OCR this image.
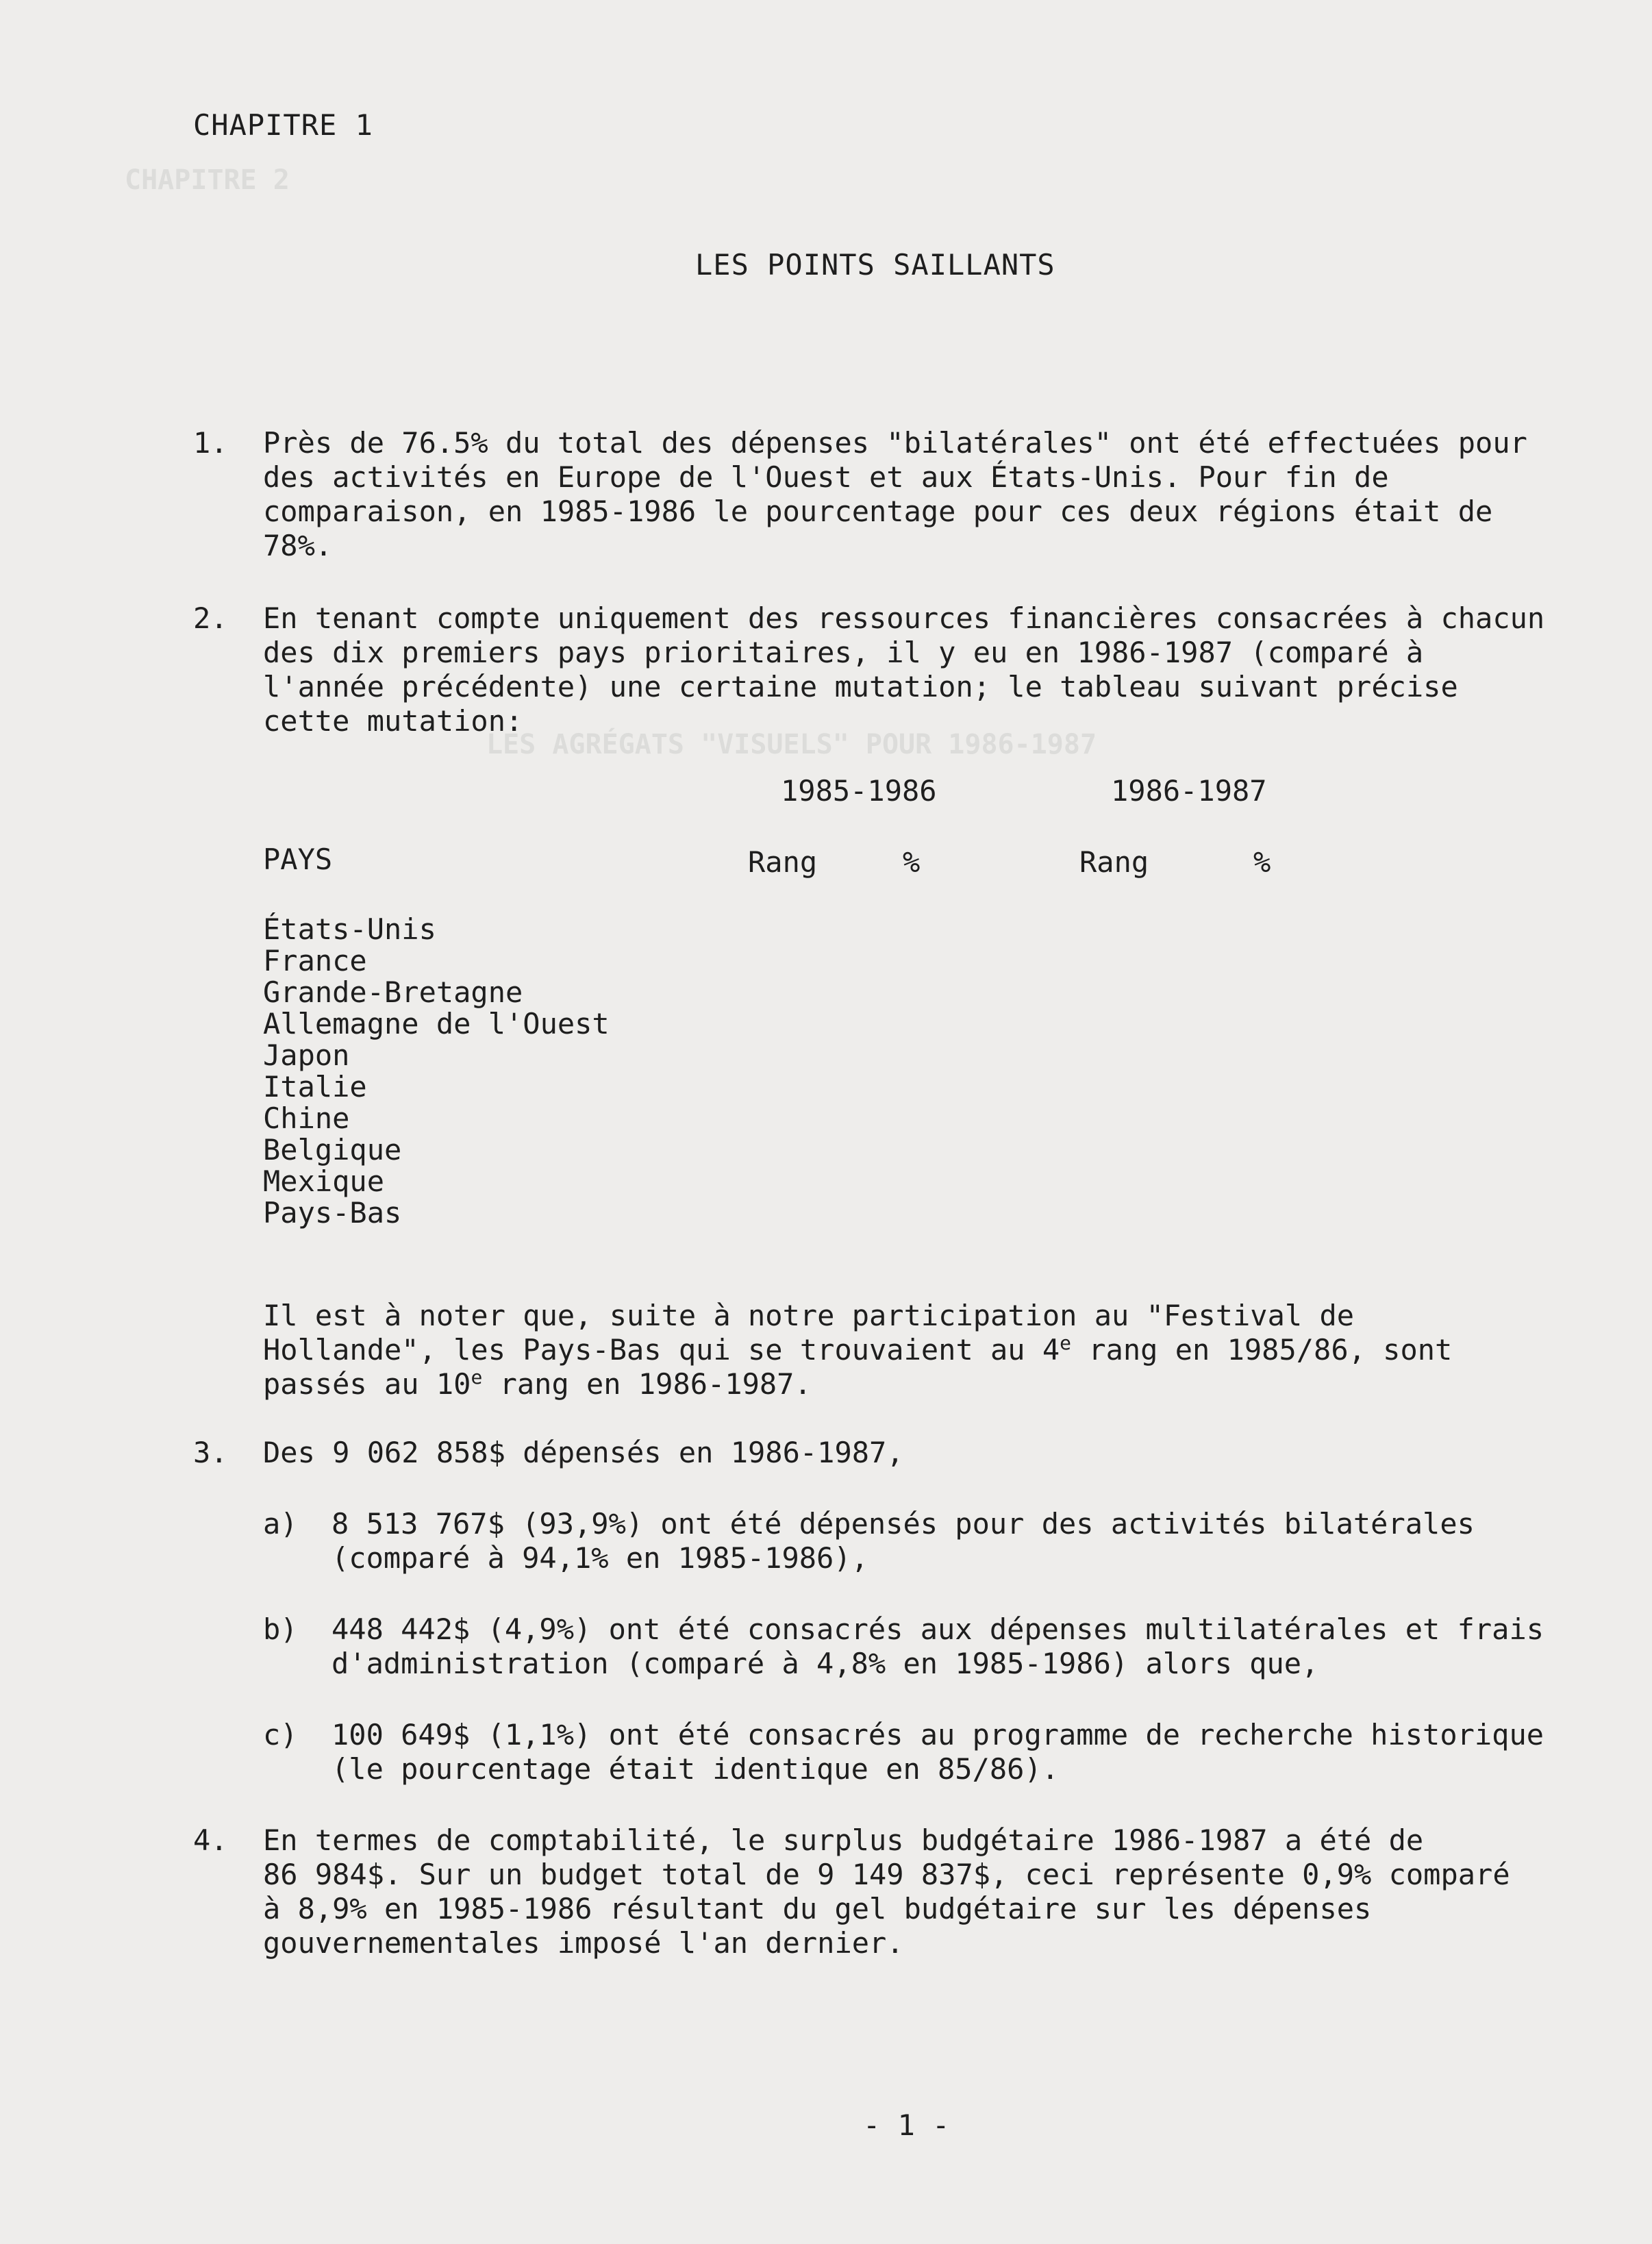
CHAPITRE 2
LES AGRÉGATS "VISUELS" POUR 1986-1987
CHAPITRE 1
LES POINTS SAILLANTS
1. Près de 76.5% du total des dépenses "bilatérales" ont été effectuées pour
des activités en Europe de l'Ouest et aux États-Unis. Pour fin de
comparaison, en 1985-1986 le pourcentage pour ces deux régions était de
78%.
2. En tenant compte uniquement des ressources financières consacrées à chacun
des dix premiers pays prioritaires, il y eu en 1986-1987 (comparé à
l'année précédente) une certaine mutation; le tableau suivant précise
cette mutation:
1985-1986	1986-1987
PAYS	Rang	%	Rang	%
États-Unis
France
Grande-Bretagne
Allemagne de l'Ouest
Japon
Italie
Chine
Belgique
Mexique
Pays-Bas
Il est à noter que, suite à notre participation au "Festival de
Hollande", les Pays-Bas qui se trouvaient au 4e rang en 1985/86, sont
passés au 10e rang en 1986-1987.
3. Des 9 062 858$ dépensés en 1986-1987,
a) 8 513 767$ (93,9%) ont été dépensés pour des activités bilatérales
(comparé à 94,1% en 1985-1986),
b) 448 442$ (4,9%) ont été consacrés aux dépenses multilatérales et frais
d'administration (comparé à 4,8% en 1985-1986) alors que,
c) 100 649$ (1,1%) ont été consacrés au programme de recherche historique
(le pourcentage était identique en 85/86).
4. En termes de comptabilité, le surplus budgétaire 1986-1987 a été de
86 984$. Sur un budget total de 9 149 837$, ceci représente 0,9% comparé
à 8,9% en 1985-1986 résultant du gel budgétaire sur les dépenses
gouvernementales imposé l'an dernier.
- 1 -
